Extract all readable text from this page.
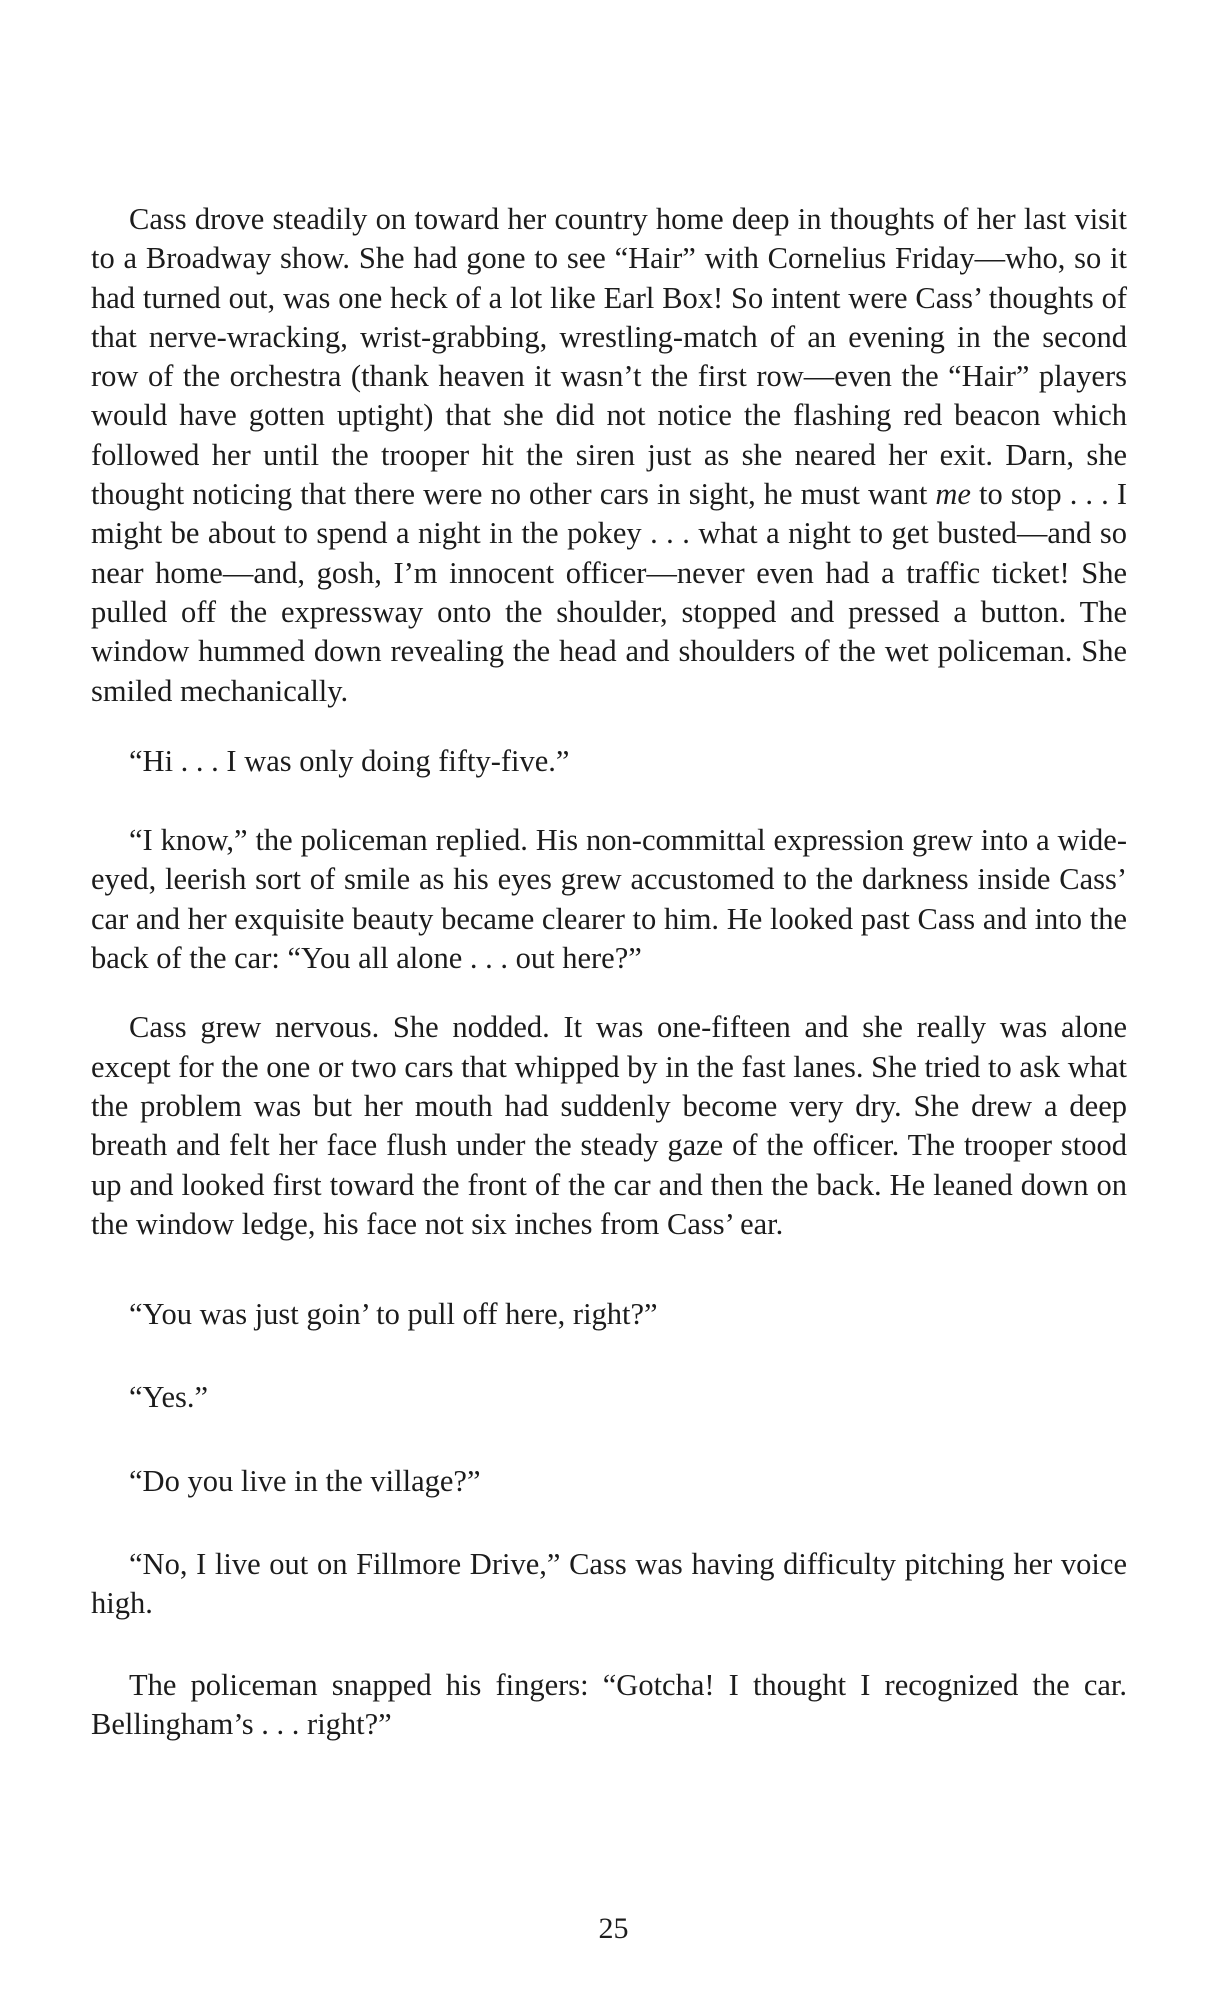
Cass drove steadily on toward her country home deep in thoughts of her last visit to a Broadway show. She had gone to see “Hair” with Cornelius Friday—who, so it had turned out, was one heck of a lot like Earl Box! So intent were Cass’ thoughts of that nerve-wracking, wrist-grabbing, wrestling-match of an evening in the second row of the orchestra (thank heaven it wasn’t the first row—even the “Hair” players would have gotten uptight) that she did not notice the flashing red beacon which followed her until the trooper hit the siren just as she neared her exit. Darn, she thought noticing that there were no other cars in sight, he must want me to stop . . . I might be about to spend a night in the pokey . . . what a night to get busted—and so near home—and, gosh, I’m innocent officer—never even had a traffic ticket! She pulled off the expressway onto the shoulder, stopped and pressed a button. The window hummed down revealing the head and shoulders of the wet policeman. She smiled mechanically.

“Hi . . . I was only doing fifty-five.”

“I know,” the policeman replied. His non-committal expression grew into a wide-eyed, leerish sort of smile as his eyes grew accustomed to the darkness inside Cass’ car and her exquisite beauty became clearer to him. He looked past Cass and into the back of the car: “You all alone . . . out here?”

Cass grew nervous. She nodded. It was one-fifteen and she really was alone except for the one or two cars that whipped by in the fast lanes. She tried to ask what the problem was but her mouth had suddenly become very dry. She drew a deep breath and felt her face flush under the steady gaze of the officer. The trooper stood up and looked first toward the front of the car and then the back. He leaned down on the window ledge, his face not six inches from Cass’ ear.

“You was just goin’ to pull off here, right?”

“Yes.”

“Do you live in the village?”

“No, I live out on Fillmore Drive,” Cass was having difficulty pitching her voice high.

The policeman snapped his fingers: “Gotcha! I thought I recognized the car. Bellingham’s . . . right?”

25
